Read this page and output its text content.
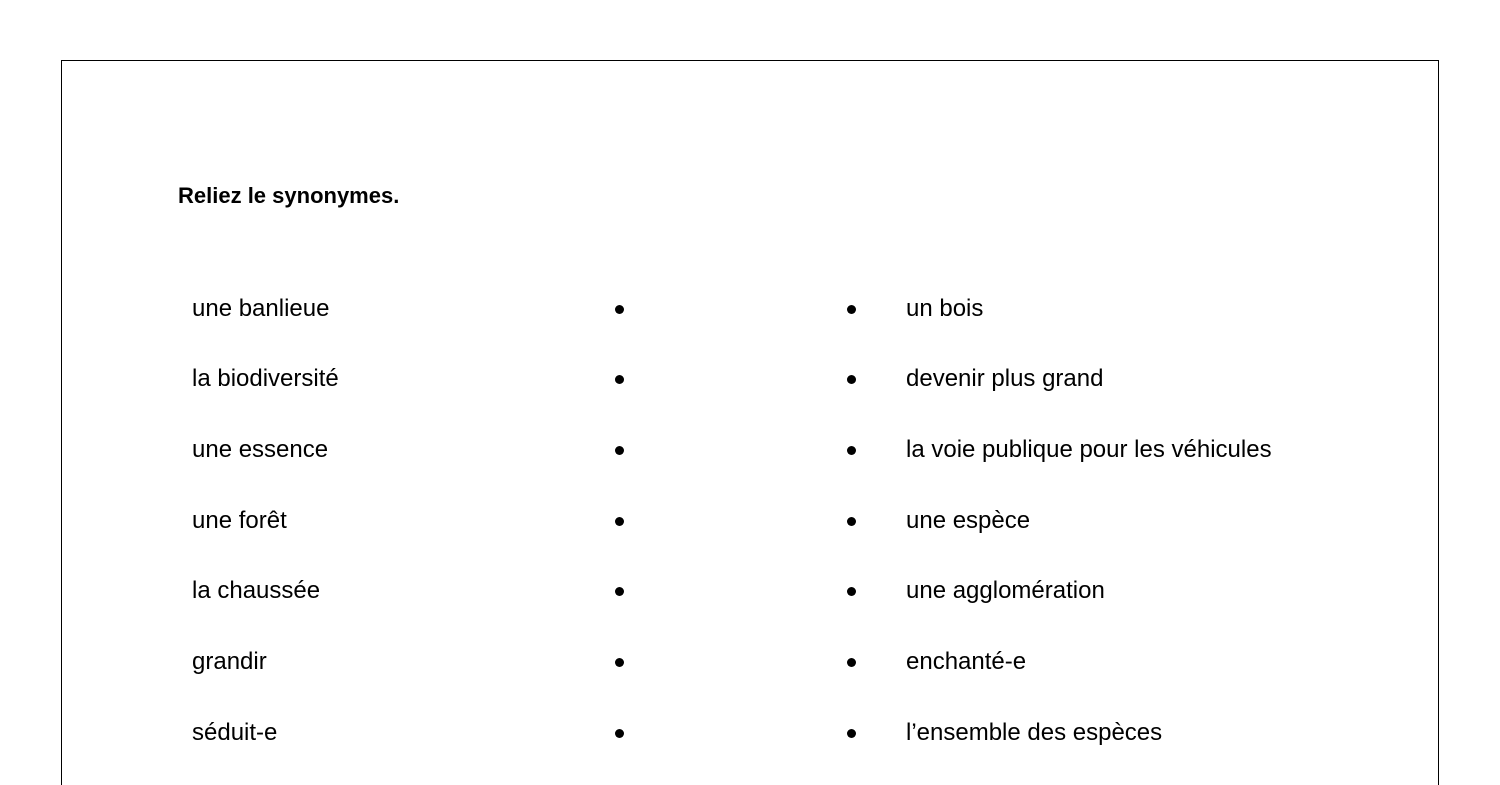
Reliez le synonymes.
une banlieue	un bois
la biodiversité	devenir plus grand
une essence	la voie publique pour les véhicules
une forêt	une espèce
la chaussée	une agglomération
grandir	enchanté-e
séduit-e	l’ensemble des espèces
